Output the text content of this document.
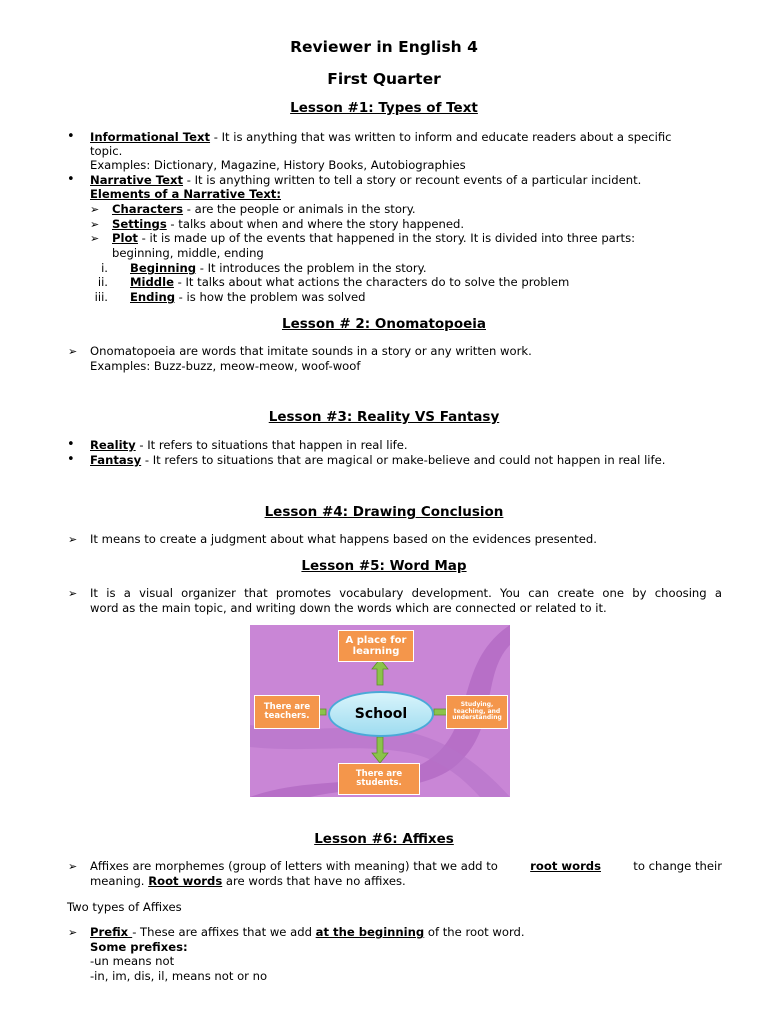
Reviewer in English 4
First Quarter
Lesson #1: Types of Text
• Informational Text - It is anything that was written to inform and educate readers about a specific
topic.
Examples: Dictionary, Magazine, History Books, Autobiographies
• Narrative Text - It is anything written to tell a story or recount events of a particular incident.
Elements of a Narrative Text:
➢ Characters - are the people or animals in the story.
➢ Settings - talks about when and where the story happened.
➢ Plot - it is made up of the events that happened in the story. It is divided into three parts:
beginning, middle, ending
i. Beginning - It introduces the problem in the story.
ii. Middle - It talks about what actions the characters do to solve the problem
iii. Ending - is how the problem was solved
Lesson # 2: Onomatopoeia
➢ Onomatopoeia are words that imitate sounds in a story or any written work.
Examples: Buzz-buzz, meow-meow, woof-woof
Lesson #3: Reality VS Fantasy
• Reality - It refers to situations that happen in real life.
• Fantasy - It refers to situations that are magical or make-believe and could not happen in real life.
Lesson #4: Drawing Conclusion
➢ It means to create a judgment about what happens based on the evidences presented.
Lesson #5: Word Map
➢ It is a visual organizer that promotes vocabulary development. You can create one by choosing a
word as the main topic, and writing down the words which are connected or related to it.
A place for learning
There are teachers.
Studying, teaching, and understanding
There are students.
School
Lesson #6: Affixes
➢ Affixes are morphemes (group of letters with meaning) that we add to	root words	to change their
meaning. Root words are words that have no affixes.
Two types of Affixes
➢ Prefix - These are affixes that we add at the beginning of the root word.
Some prefixes:
-un means not
-in, im, dis, il, means not or no
